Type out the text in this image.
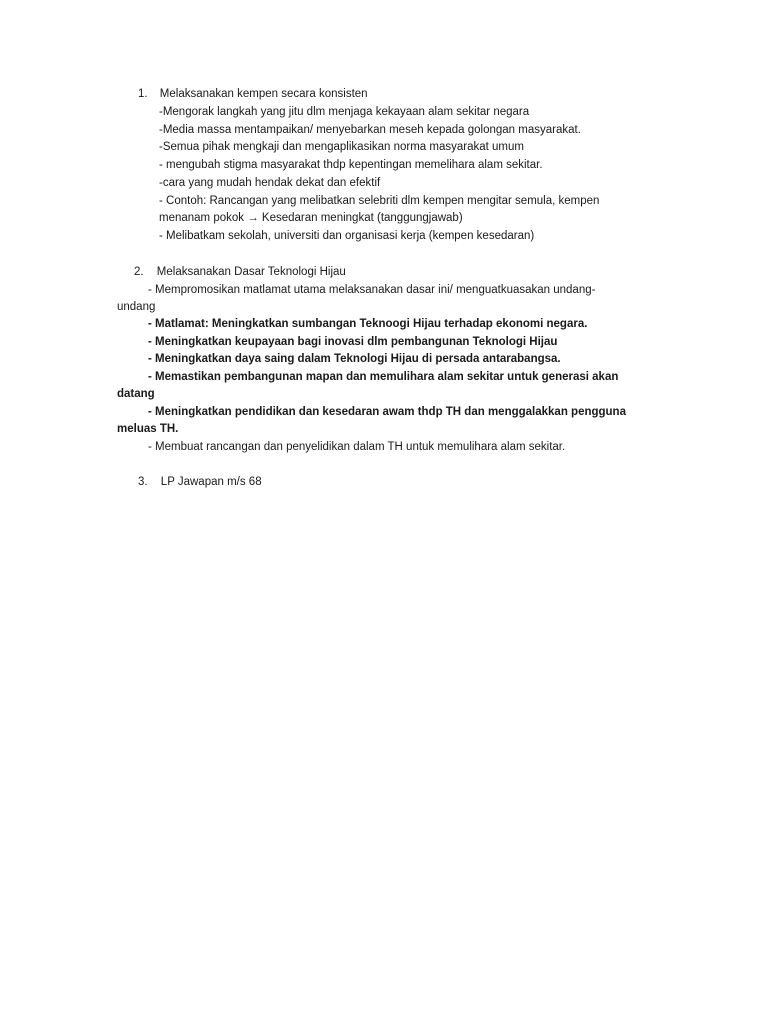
1. Melaksanakan kempen secara konsisten
-Mengorak langkah yang jitu dlm menjaga kekayaan alam sekitar negara
-Media massa mentampaikan/ menyebarkan meseh kepada golongan masyarakat.
-Semua pihak mengkaji dan mengaplikasikan norma masyarakat umum
- mengubah stigma masyarakat thdp kepentingan memelihara alam sekitar.
-cara yang mudah hendak dekat dan efektif
- Contoh: Rancangan yang melibatkan selebriti dlm kempen mengitar semula, kempen
menanam pokok → Kesedaran meningkat (tanggungjawab)
- Melibatkam sekolah, universiti dan organisasi kerja (kempen kesedaran)
2. Melaksanakan Dasar Teknologi Hijau
- Mempromosikan matlamat utama melaksanakan dasar ini/ menguatkuasakan undang-
undang
- Matlamat: Meningkatkan sumbangan Teknoogi Hijau terhadap ekonomi negara.
- Meningkatkan keupayaan bagi inovasi dlm pembangunan Teknologi Hijau
- Meningkatkan daya saing dalam Teknologi Hijau di persada antarabangsa.
- Memastikan pembangunan mapan dan memulihara alam sekitar untuk generasi akan
datang
- Meningkatkan pendidikan dan kesedaran awam thdp TH dan menggalakkan pengguna
meluas TH.
- Membuat rancangan dan penyelidikan dalam TH untuk memulihara alam sekitar.
3. LP Jawapan m/s 68
